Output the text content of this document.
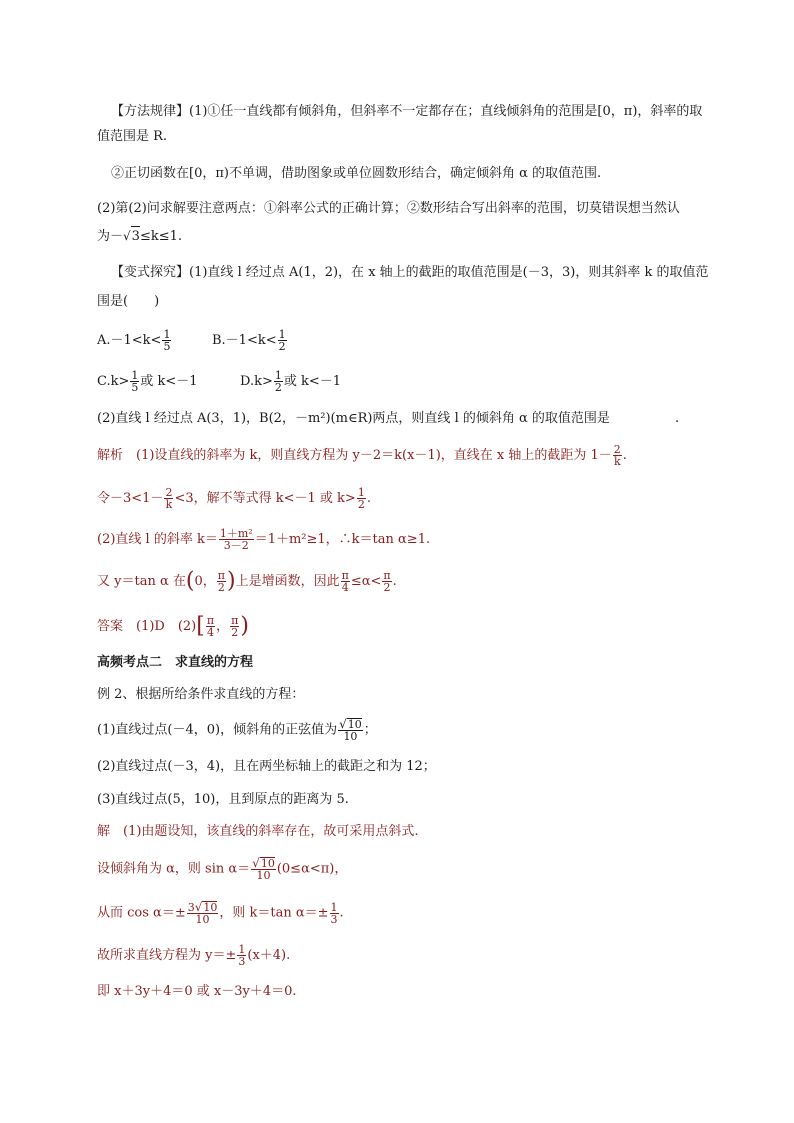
【方法规律】(1)①任一直线都有倾斜角，但斜率不一定都存在；直线倾斜角的范围是[0，π)，斜率的取
值范围是 R.
②正切函数在[0，π)不单调，借助图象或单位圆数形结合，确定倾斜角 α 的取值范围.
(2)第(2)问求解要注意两点：①斜率公式的正确计算；②数形结合写出斜率的范围，切莫错误想当然认
为－√3≤k≤1.
【变式探究】(1)直线 l 经过点 A(1，2)，在 x 轴上的截距的取值范围是(－3，3)，则其斜率 k 的取值范
围是(　　)
$A.-1<k< \frac{1}{5}$	$B.-1<k< \frac{1}{2}$
$C.k> \frac{1}{5}$ 或 k<－1	$D.k> \frac{1}{2}$ 或 k<－1
(2)直线 l 经过点 A(3，1)，B(2，－m²)(m∈R)两点，则直线 l 的倾斜角 α 的取值范围是	.
解析　(1)设直线的斜率为 k，则直线方程为 y－2＝k(x－1)，直线在 x 轴上的截距为 $1- \frac{2}{k}$ .
令$-3<1- \frac{2}{k} <3$，解不等式得 k<－1 或 $k> \frac{1}{2}$ .
(2)直线 l 的斜率 $k= \frac{\text{1＋m²}}{3-2} =1+m^2\ge 1$，∴k＝tan α≥1.
又 y＝tan α 在(0， $\frac{\pi}{2}$ )上是增函数，因此 $\frac{\pi}{4} \le\alpha< \frac{\pi}{2}$ .
答案　(1)D　$(2)[ \frac{\pi}{4}$ ， $\frac{\pi}{2}$ )
高频考点二　求直线的方程
例 2、根据所给条件求直线的方程：
(1)直线过点(－4，0)，倾斜角的正弦值为 $\frac{√10}{10}$ ；
(2)直线过点(－3，4)，且在两坐标轴上的截距之和为 12；
(3)直线过点(5，10)，且到原点的距离为 5.
解　(1)由题设知，该直线的斜率存在，故可采用点斜式.
设倾斜角为 α，则 $\sin \alpha= \frac{√10}{10} (0\le\alpha<\pi)$，
从而 $\cos \alpha=\pm \frac{3√10}{10}$ ，则 k＝tan $\alpha=\pm \frac{1}{3}$ .
故所求直线方程为 $y=\pm \frac{1}{3} (x+4)$.
即 x＋3y＋4＝0 或 x－3y＋4＝0.
